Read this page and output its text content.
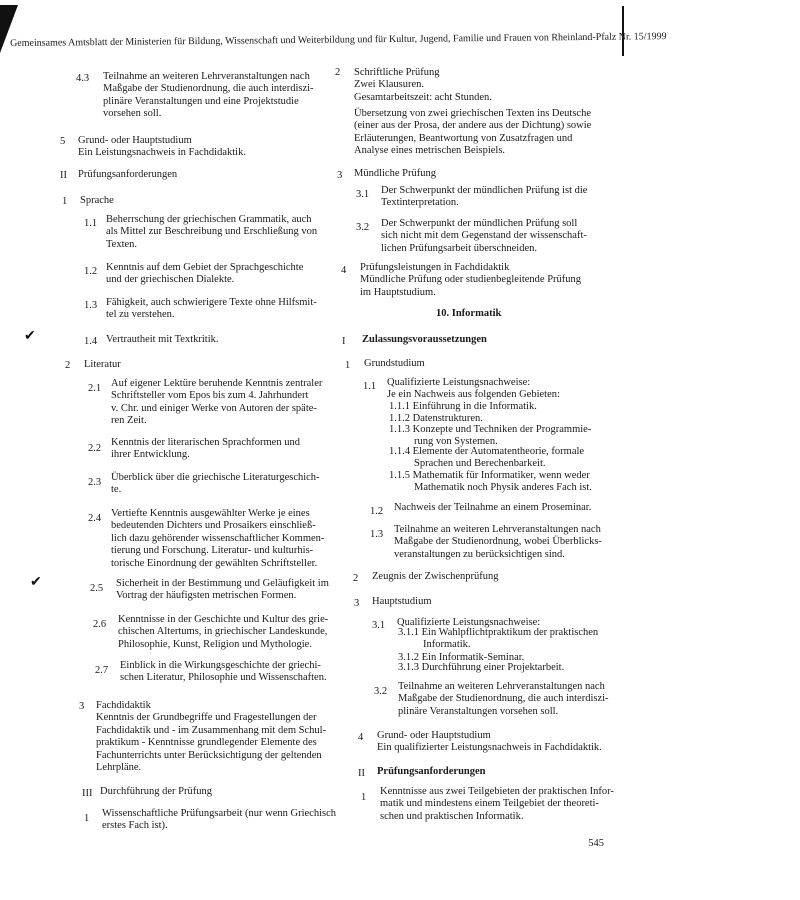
Gemeinsames Amtsblatt der Ministerien für Bildung, Wissenschaft und Weiterbildung und für Kultur, Jugend, Familie und Frauen von Rheinland-Pfalz Nr. 15/1999
4.3 Teilnahme an weiteren Lehrveranstaltungen nach
Maßgabe der Studienordnung, die auch interdiszi-
plinäre Veranstaltungen und eine Projektstudie
vorsehen soll.
5 Grund- oder Hauptstudium
Ein Leistungsnachweis in Fachdidaktik.
II Prüfungsanforderungen
1 Sprache
1.1 Beherrschung der griechischen Grammatik, auch
als Mittel zur Beschreibung und Erschließung von
Texten.
1.2 Kenntnis auf dem Gebiet der Sprachgeschichte
und der griechischen Dialekte.
1.3 Fähigkeit, auch schwierigere Texte ohne Hilfsmit-
tel zu verstehen.
✔	1.4 Vertrautheit mit Textkritik.
2 Literatur
2.1 Auf eigener Lektüre beruhende Kenntnis zentraler
Schriftsteller vom Epos bis zum 4. Jahrhundert
v. Chr. und einiger Werke von Autoren der späte-
ren Zeit.
2.2
Kenntnis der literarischen Sprachformen und
ihrer Entwicklung.
2.3 Überblick über die griechische Literaturgeschich-
te.
2.4 Vertiefte Kenntnis ausgewählter Werke je eines
bedeutenden Dichters und Prosaikers einschließ-
lich dazu gehörender wissenschaftlicher Kommen-
tierung und Forschung. Literatur- und kulturhis-
torische Einordnung der gewählten Schriftsteller.
✔	2.5 Sicherheit in der Bestimmung und Geläufigkeit im
Vortrag der häufigsten metrischen Formen.
2.6 Kenntnisse in der Geschichte und Kultur des grie-
chischen Altertums, in griechischer Landeskunde,
Philosophie, Kunst, Religion und Mythologie.
2.7 Einblick in die Wirkungsgeschichte der griechi-
schen Literatur, Philosophie und Wissenschaften.
3 Fachdidaktik
Kenntnis der Grundbegriffe und Fragestellungen der
Fachdidaktik und - im Zusammenhang mit dem Schul-
praktikum - Kenntnisse grundlegender Elemente des
Fachunterrichts unter Berücksichtigung der geltenden
Lehrpläne.
III Durchführung der Prüfung
1 Wissenschaftliche Prüfungsarbeit (nur wenn Griechisch
erstes Fach ist).
2 Schriftliche Prüfung
Zwei Klausuren.
Gesamtarbeitszeit: acht Stunden.
Übersetzung von zwei griechischen Texten ins Deutsche
(einer aus der Prosa, der andere aus der Dichtung) sowie
Erläuterungen, Beantwortung von Zusatzfragen und
Analyse eines metrischen Beispiels.
3 Mündliche Prüfung
3.1 Der Schwerpunkt der mündlichen Prüfung ist die
Textinterpretation.
3.2 Der Schwerpunkt der mündlichen Prüfung soll
sich nicht mit dem Gegenstand der wissenschaft-
lichen Prüfungsarbeit überschneiden.
4 Prüfungsleistungen in Fachdidaktik
Mündliche Prüfung oder studienbegleitende Prüfung
im Hauptstudium.
10. Informatik
I Zulassungsvoraussetzungen
1 Grundstudium
1.1 Qualifizierte Leistungsnachweise:
Je ein Nachweis aus folgenden Gebieten:
1.1.1 Einführung in die Informatik.
1.1.2 Datenstrukturen.
1.1.3 Konzepte und Techniken der Programmie-
rung von Systemen.
1.1.4 Elemente der Automatentheorie, formale
Sprachen und Berechenbarkeit.
1.1.5 Mathematik für Informatiker, wenn weder
Mathematik noch Physik anderes Fach ist.
1.2 Nachweis der Teilnahme an einem Proseminar.
1.3 Teilnahme an weiteren Lehrveranstaltungen nach
Maßgabe der Studienordnung, wobei Überblicks-
veranstaltungen zu berücksichtigen sind.
2 Zeugnis der Zwischenprüfung
3 Hauptstudium
3.1 Qualifizierte Leistungsnachweise:
3.1.1 Ein Wahlpflichtpraktikum der praktischen
Informatik.
3.1.2 Ein Informatik-Seminar.
3.1.3 Durchführung einer Projektarbeit.
3.2 Teilnahme an weiteren Lehrveranstaltungen nach
Maßgabe der Studienordnung, die auch interdiszi-
plinäre Veranstaltungen vorsehen soll.
4 Grund- oder Hauptstudium
Ein qualifizierter Leistungsnachweis in Fachdidaktik.
II Prüfungsanforderungen
1
Kenntnisse aus zwei Teilgebieten der praktischen Infor-
matik und mindestens einem Teilgebiet der theoreti-
schen und praktischen Informatik.
545
